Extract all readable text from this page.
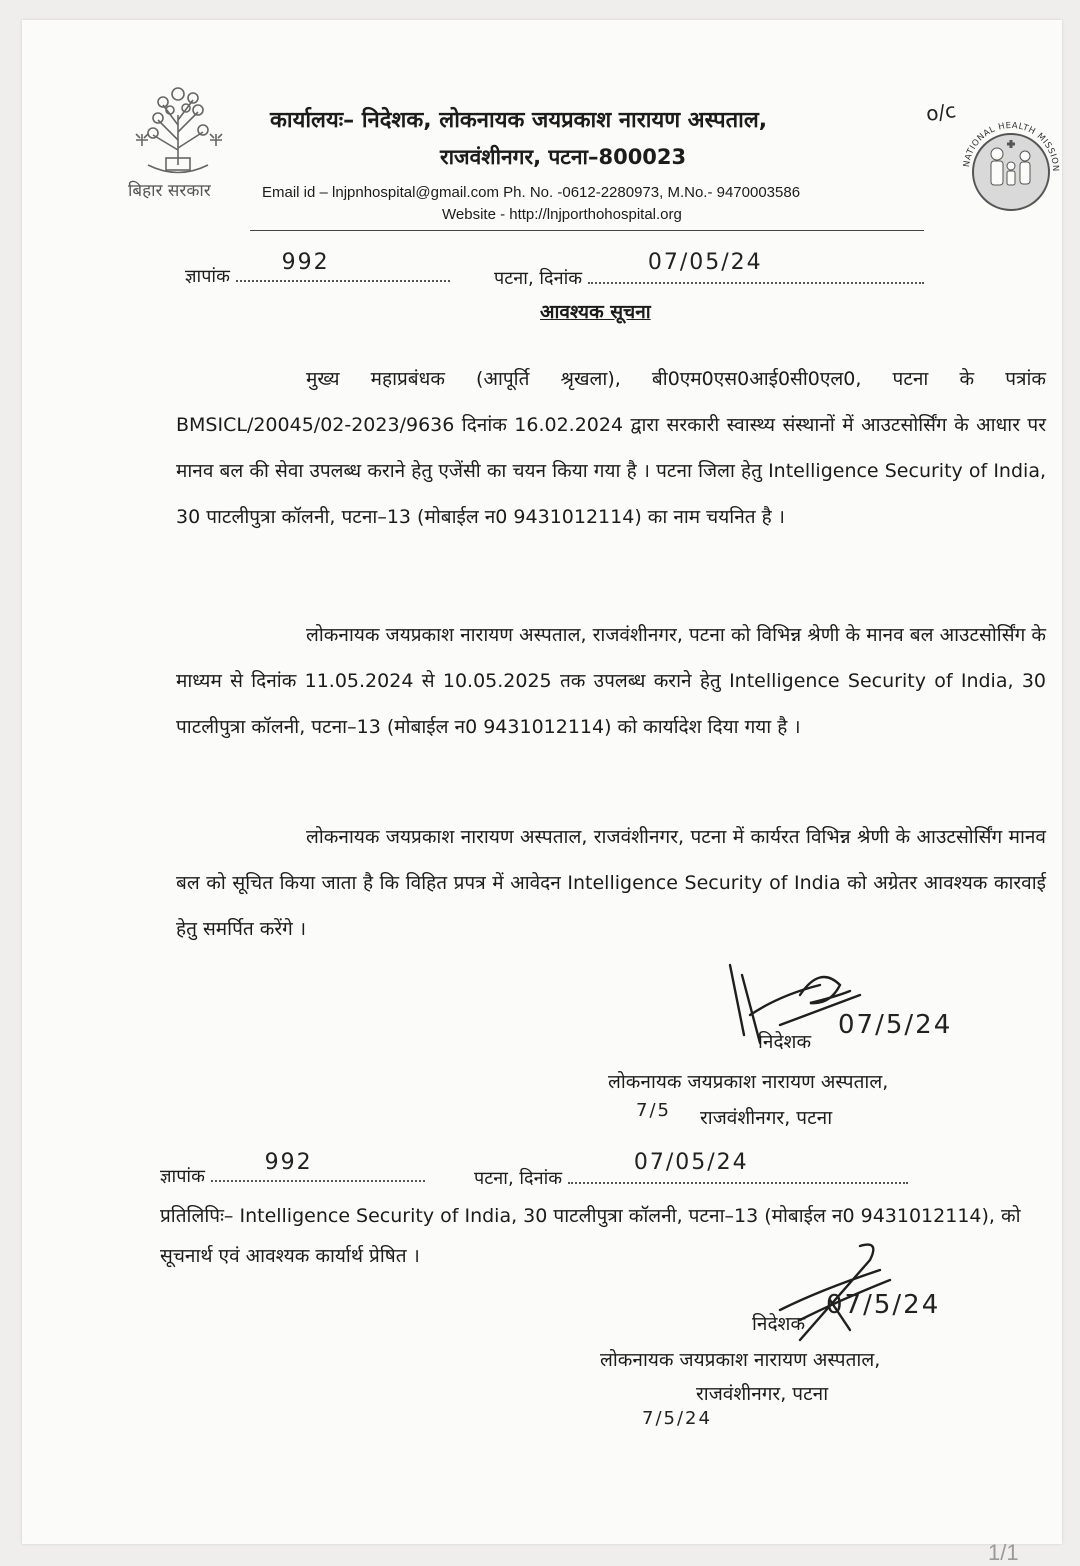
बिहार सरकार
कार्यालयः– निदेशक, लोकनायक जयप्रकाश नारायण अस्पताल,	o/c
राजवंशीनगर, पटना–800023
Email id – lnjpnhospital@gmail.com Ph. No. -0612-2280973, M.No.- 9470003586
Website - http://lnjporthohospital.org
NATIONAL HEALTH MISSION
ज्ञापांक
992
पटना, दिनांक
07/05/24
आवश्यक सूचना
मुख्य महाप्रबंधक (आपूर्ति श्रृखला), बी0एम0एस0आई0सी0एल0, पटना के पत्रांक BMSICL/20045/02-2023/9636 दिनांक 16.02.2024 द्वारा सरकारी स्वास्थ्य संस्थानों में आउटसोर्सिंग के आधार पर मानव बल की सेवा उपलब्ध कराने हेतु एजेंसी का चयन किया गया है । पटना जिला हेतु Intelligence Security of India, 30 पाटलीपुत्रा कॉलनी, पटना–13 (मोबाईल न0 9431012114) का नाम चयनित है ।
लोकनायक जयप्रकाश नारायण अस्पताल, राजवंशीनगर, पटना को विभिन्न श्रेणी के मानव बल आउटसोर्सिंग के माध्यम से दिनांक 11.05.2024 से 10.05.2025 तक उपलब्ध कराने हेतु Intelligence Security of India, 30 पाटलीपुत्रा कॉलनी, पटना–13 (मोबाईल न0 9431012114) को कार्यादेश दिया गया है ।
लोकनायक जयप्रकाश नारायण अस्पताल, राजवंशीनगर, पटना में कार्यरत विभिन्न श्रेणी के आउटसोर्सिंग मानव बल को सूचित किया जाता है कि विहित प्रपत्र में आवेदन Intelligence Security of India को अग्रेतर आवश्यक कारवाई हेतु समर्पित करेंगे ।
निदेशक
07/5/24
लोकनायक जयप्रकाश नारायण अस्पताल,
राजवंशीनगर, पटना
7/5
ज्ञापांक
992
पटना, दिनांक
07/05/24
प्रतिलिपिः– Intelligence Security of India, 30 पाटलीपुत्रा कॉलनी, पटना–13 (मोबाईल न0 9431012114), को सूचनार्थ एवं आवश्यक कार्यार्थ प्रेषित ।
निदेशक
07/5/24
लोकनायक जयप्रकाश नारायण अस्पताल,
राजवंशीनगर, पटना
7/5/24
1/1
